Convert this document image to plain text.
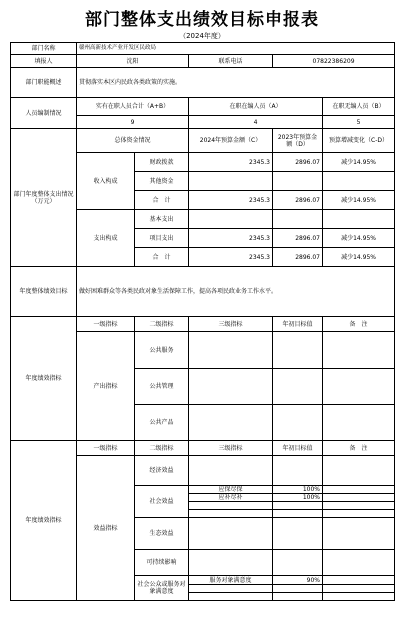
部门整体支出绩效目标申报表
（2024年度）
部门名称	赣州高新技术产业开发区民政局				
填报人	沈阳		联系电话	07822386209	
部门职能概述	贯彻落实本区内民政各类政策的实施。				
人员编制情况	实有在职人员合计（A+B）		在职在编人员（A）		在职无编人员（B）
	9		4		5
部门年度整体支出情况（万元）	总体资金情况		2024年预算金额（C）	2023年预算金额（D）	预算增减变化（C-D）
	收入构成	财政拨款	2345.3	2896.07	减少14.95%
		其他资金			
		合　计	2345.3	2896.07	减少14.95%
	支出构成	基本支出			
		项目支出	2345.3	2896.07	减少14.95%
		合　计	2345.3	2896.07	减少14.95%
年度整体绩效目标	做好困难群众等各类民政对象生活保障工作，提高各项民政业务工作水平。				
年度绩效指标	一级指标	二级指标	三级指标	年初目标值	备　注
	产出指标	公共服务			
		公共管理			
		公共产品			
年度绩效指标	一级指标	二级指标	三级指标	年初目标值	备　注
	效益指标	经济效益			
		社会效益	应保尽保	100%	
			应补尽补	100%	

		生态效益			
		可持续影响			
		社会公众或服务对象满意度	服务对象满意度	90%	
